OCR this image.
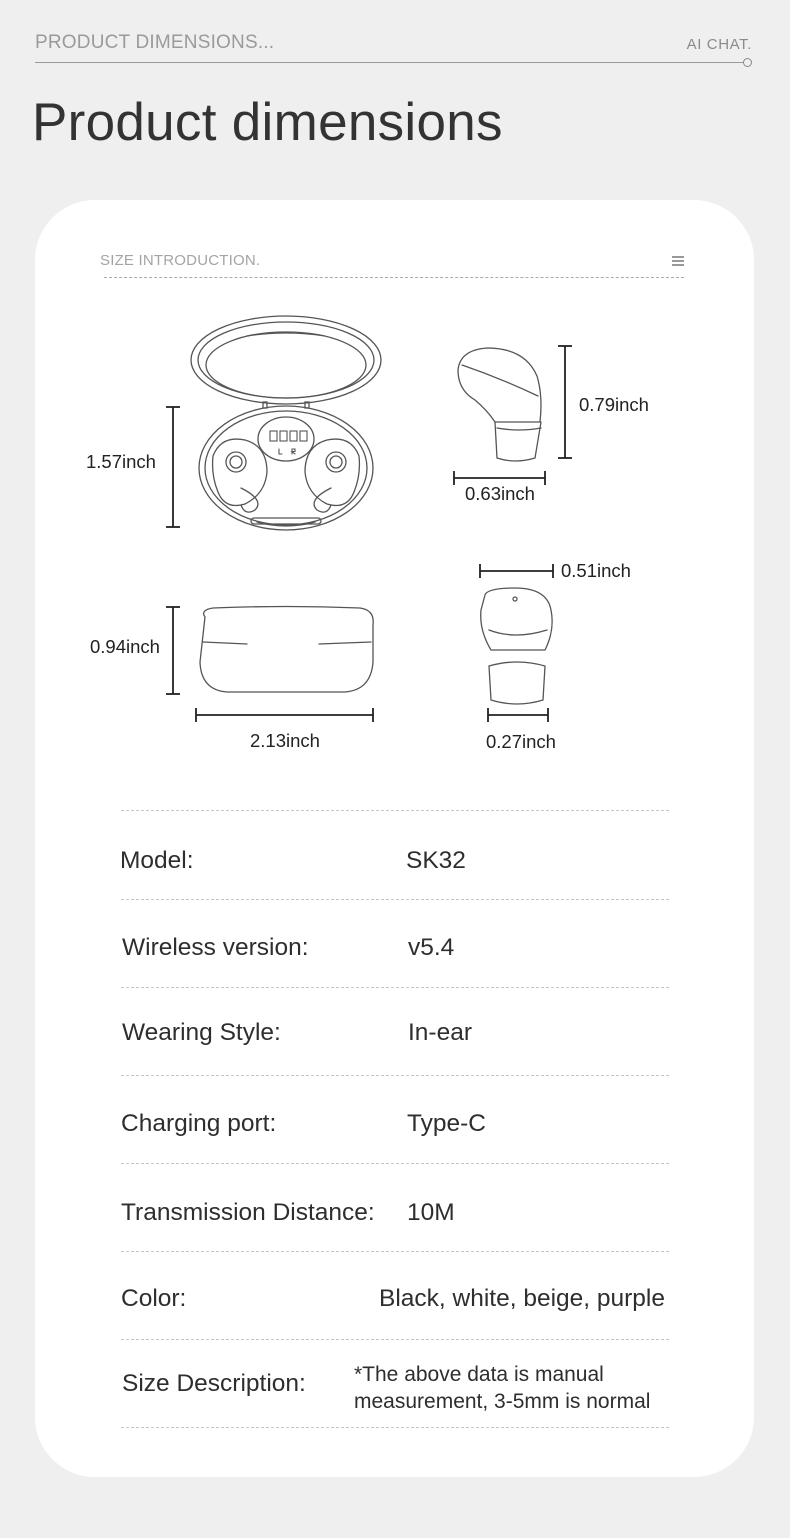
PRODUCT DIMENSIONS...	AI CHAT.
Product dimensions
SIZE INTRODUCTION.
1.57inch
0.79inch
0.63inch
0.51inch
0.94inch
2.13inch	0.27inch
Model:	SK32
Wireless version:	v5.4
Wearing Style:	In-ear
Charging port:	Type-C
Transmission Distance: 10M
Color:	Black, white, beige, purple
Size Description: *The above data is manual measurement, 3-5mm is normal
